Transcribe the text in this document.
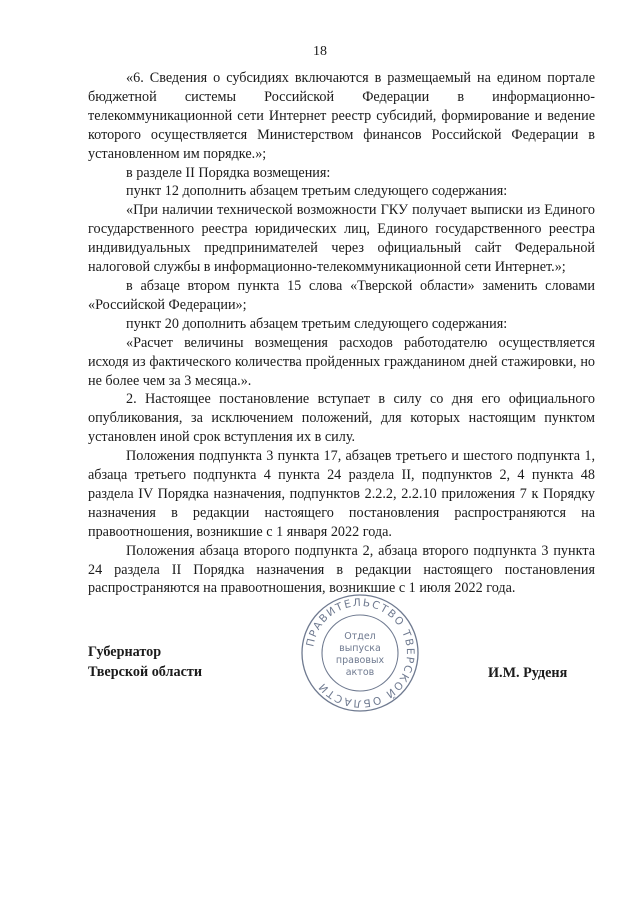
18

«6. Сведения о субсидиях включаются в размещаемый на едином портале бюджетной системы Российской Федерации в информационно-телекоммуникационной сети Интернет реестр субсидий, формирование и ведение которого осуществляется Министерством финансов Российской Федерации в установленном им порядке.»;

в разделе II Порядка возмещения:

пункт 12 дополнить абзацем третьим следующего содержания:

«При наличии технической возможности ГКУ получает выписки из Единого государственного реестра юридических лиц, Единого государственного реестра индивидуальных предпринимателей через официальный сайт Федеральной налоговой службы в информационно-телекоммуникационной сети Интернет.»;

в абзаце втором пункта 15 слова «Тверской области» заменить словами «Российской Федерации»;

пункт 20 дополнить абзацем третьим следующего содержания:

«Расчет величины возмещения расходов работодателю осуществляется исходя из фактического количества пройденных гражданином дней стажировки, но не более чем за 3 месяца.».

2. Настоящее постановление вступает в силу со дня его официального опубликования, за исключением положений, для которых настоящим пунктом установлен иной срок вступления их в силу.

Положения подпункта 3 пункта 17, абзацев третьего и шестого подпункта 1, абзаца третьего подпункта 4 пункта 24 раздела II, подпунктов 2, 4 пункта 48 раздела IV Порядка назначения, подпунктов 2.2.2, 2.2.10 приложения 7 к Порядку назначения в редакции настоящего постановления распространяются на правоотношения, возникшие с 1 января 2022 года.

Положения абзаца второго подпункта 2, абзаца второго подпункта 3 пункта 24 раздела II Порядка назначения в редакции настоящего постановления распространяются на правоотношения, возникшие с 1 июля 2022 года.

Губернатор
Тверской области	И.М. Руденя
ПРАВИТЕЛЬСТВО ТВЕРСКОЙ ОБЛАСТИ
Отдел
выпуска
правовых
актов
